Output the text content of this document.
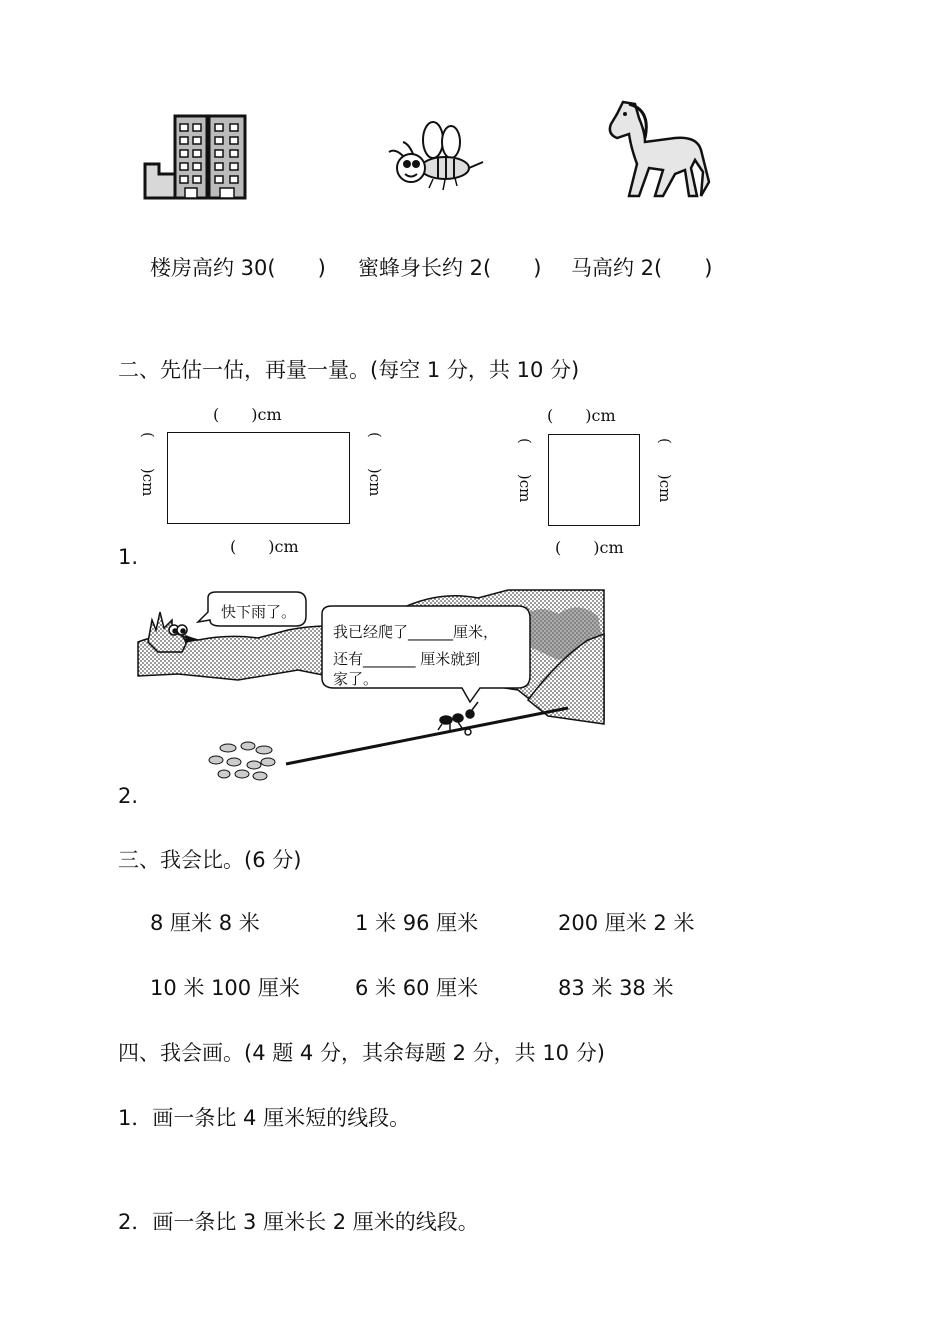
楼房高约 30(　　) 蜜蜂身长约 2(　　) 马高约 2(　　)
二、先估一估，再量一量。(每空 1 分，共 10 分)
(　　)cm
(　　)cm	(　　)cm
(　　)cm
(　　)cm
(　　)cm	(　　)cm
(　　)cm
1.
快下雨了。
我已经爬了______厘米，
还有_______ 厘米就到
家了。
2.
三、我会比。(6 分)
8 厘米 8 米	1 米 96 厘米	200 厘米 2 米
10 米 100 厘米	6 米 60 厘米	83 米 38 米
四、我会画。(4 题 4 分，其余每题 2 分，共 10 分)
1．画一条比 4 厘米短的线段。
2．画一条比 3 厘米长 2 厘米的线段。
